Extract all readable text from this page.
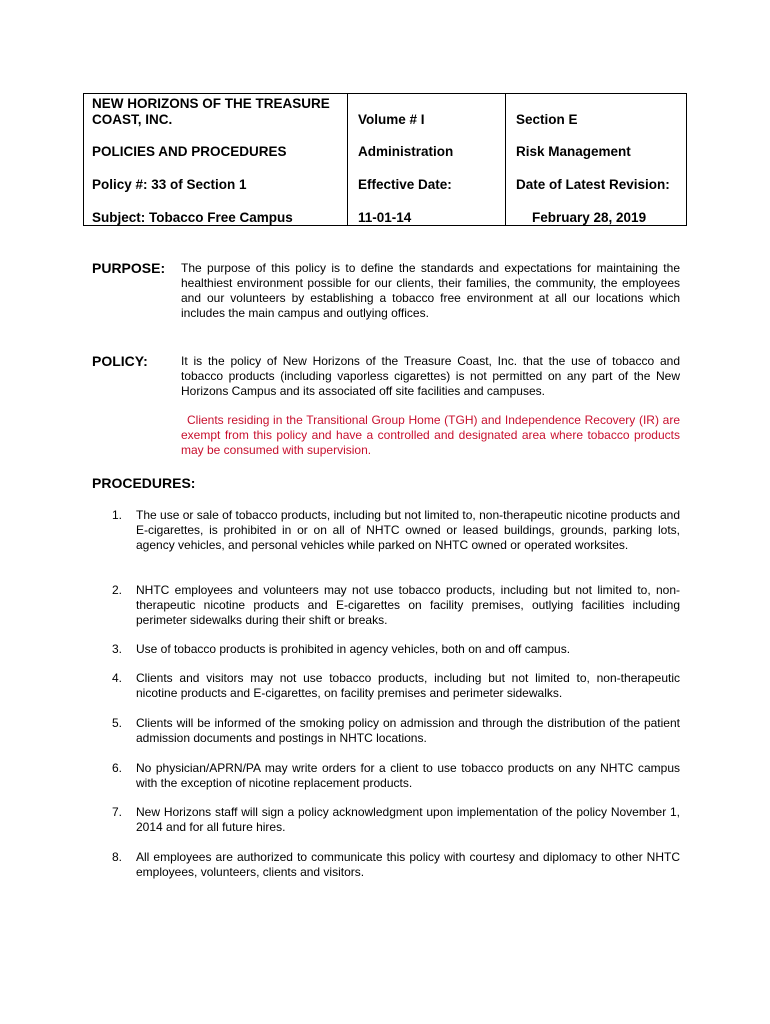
NEW HORIZONS OF THE TREASURE
COAST, INC.	Volume # I	Section E
POLICIES AND PROCEDURES	Administration	Risk Management
Policy #: 33 of Section 1	Effective Date:	Date of Latest Revision:
Subject: Tobacco Free Campus	11-01-14	February 28, 2019
PURPOSE: The purpose of this policy is to define the standards and expectations for maintaining the healthiest environment possible for our clients, their families, the community, the employees and our volunteers by establishing a tobacco free environment at all our locations which includes the main campus and outlying offices.
POLICY:	It is the policy of New Horizons of the Treasure Coast, Inc. that the use of tobacco and tobacco products (including vaporless cigarettes) is not permitted on any part of the New Horizons Campus and its associated off site facilities and campuses.
Clients residing in the Transitional Group Home (TGH) and Independence Recovery (IR) are exempt from this policy and have a controlled and designated area where tobacco products may be consumed with supervision.
PROCEDURES:
1.	The use or sale of tobacco products, including but not limited to, non-therapeutic nicotine products and E-cigarettes, is prohibited in or on all of NHTC owned or leased buildings, grounds, parking lots, agency vehicles, and personal vehicles while parked on NHTC owned or operated worksites.
2.	NHTC employees and volunteers may not use tobacco products, including but not limited to, non-therapeutic nicotine products and E-cigarettes on facility premises, outlying facilities including perimeter sidewalks during their shift or breaks.
3.	Use of tobacco products is prohibited in agency vehicles, both on and off campus.
4.	Clients and visitors may not use tobacco products, including but not limited to, non-therapeutic nicotine products and E-cigarettes, on facility premises and perimeter sidewalks.
5.	Clients will be informed of the smoking policy on admission and through the distribution of the patient admission documents and postings in NHTC locations.
6.	No physician/APRN/PA may write orders for a client to use tobacco products on any NHTC campus with the exception of nicotine replacement products.
7.	New Horizons staff will sign a policy acknowledgment upon implementation of the policy November 1, 2014 and for all future hires.
8.	All employees are authorized to communicate this policy with courtesy and diplomacy to other NHTC employees, volunteers, clients and visitors.
